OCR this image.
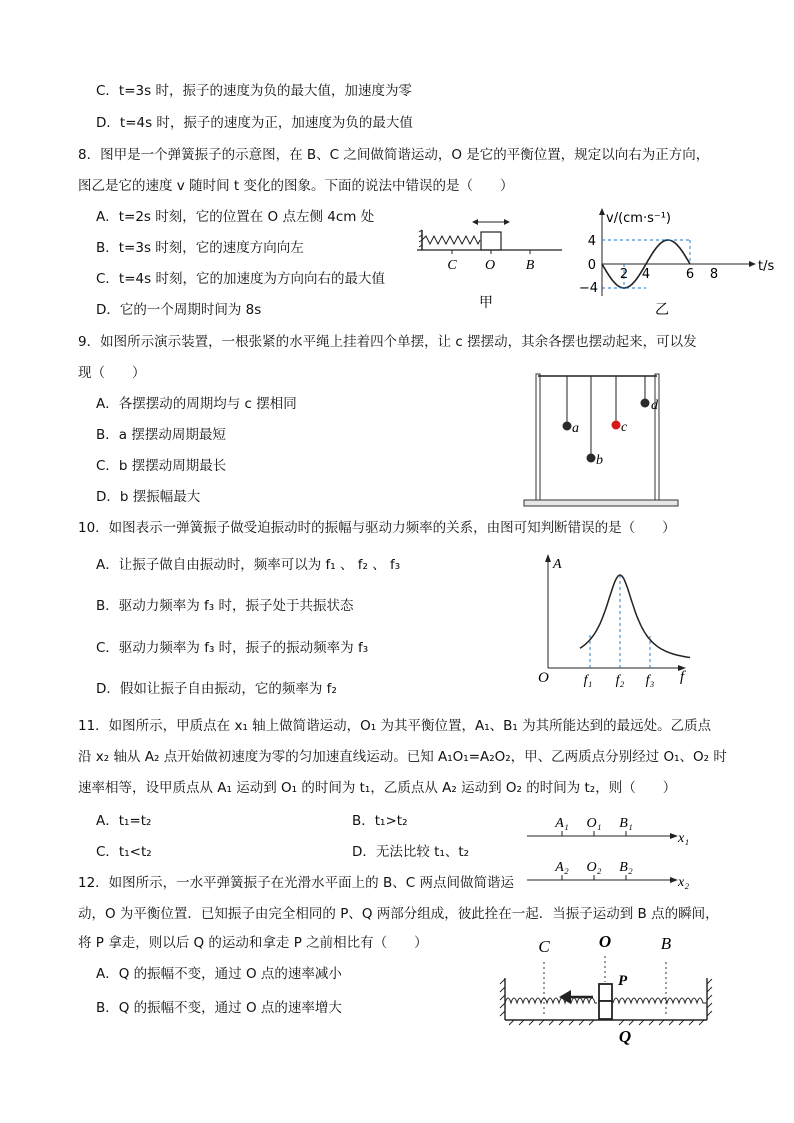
C．t=3s 时，振子的速度为负的最大值，加速度为零
D．t=4s 时，振子的速度为正，加速度为负的最大值
8．图甲是一个弹簧振子的示意图，在 B、C 之间做简谐运动，O 是它的平衡位置，规定以向右为正方向，
图乙是它的速度 v 随时间 t 变化的图象。下面的说法中错误的是（　　）
A．t=2s 时刻，它的位置在 O 点左侧 4cm 处
B．t=3s 时刻，它的速度方向向左
C．t=4s 时刻，它的加速度为方向向右的最大值
D．它的一个周期时间为 8s
C O B
甲
v/(cm·s⁻¹)
t/s
4
0
−4
2 4	6 8
乙
9．如图所示演示装置，一根张紧的水平绳上挂着四个单摆，让 c 摆摆动，其余各摆也摆动起来，可以发
现（　　）
A．各摆摆动的周期均与 c 摆相同
B．a 摆摆动周期最短
C．b 摆摆动周期最长
D．b 摆振幅最大
a
b
c
d
10．如图表示一弹簧振子做受迫振动时的振幅与驱动力频率的关系，由图可知判断错误的是（　　）
A．让振子做自由振动时，频率可以为 f₁ 、 f₂ 、 f₃
B．驱动力频率为 f₃ 时，振子处于共振状态
C．驱动力频率为 f₃ 时，振子的振动频率为 f₃
D．假如让振子自由振动，它的频率为 f₂
A
f
O f₁ f₂ f₃
11．如图所示，甲质点在 x₁ 轴上做简谐运动，O₁ 为其平衡位置，A₁、B₁ 为其所能达到的最远处。乙质点
沿 x₂ 轴从 A₂ 点开始做初速度为零的匀加速直线运动。已知 A₁O₁=A₂O₂，甲、乙两质点分别经过 O₁、O₂ 时
速率相等，设甲质点从 A₁ 运动到 O₁ 的时间为 t₁，乙质点从 A₂ 运动到 O₂ 的时间为 t₂，则（　　）
A．t₁=t₂	B．t₁>t₂
C．t₁<t₂	D．无法比较 t₁、t₂
A₁ O₁ B₁
x₁
A₂ O₂ B₂
x₂
12．如图所示，一水平弹簧振子在光滑水平面上的 B、C 两点间做简谐运
动，O 为平衡位置．已知振子由完全相同的 P、Q 两部分组成，彼此拴在一起．当振子运动到 B 点的瞬间，
将 P 拿走，则以后 Q 的运动和拿走 P 之前相比有（　　）
A．Q 的振幅不变，通过 O 点的速率减小
B．Q 的振幅不变，通过 O 点的速率增大
C	O	B
P
Q
